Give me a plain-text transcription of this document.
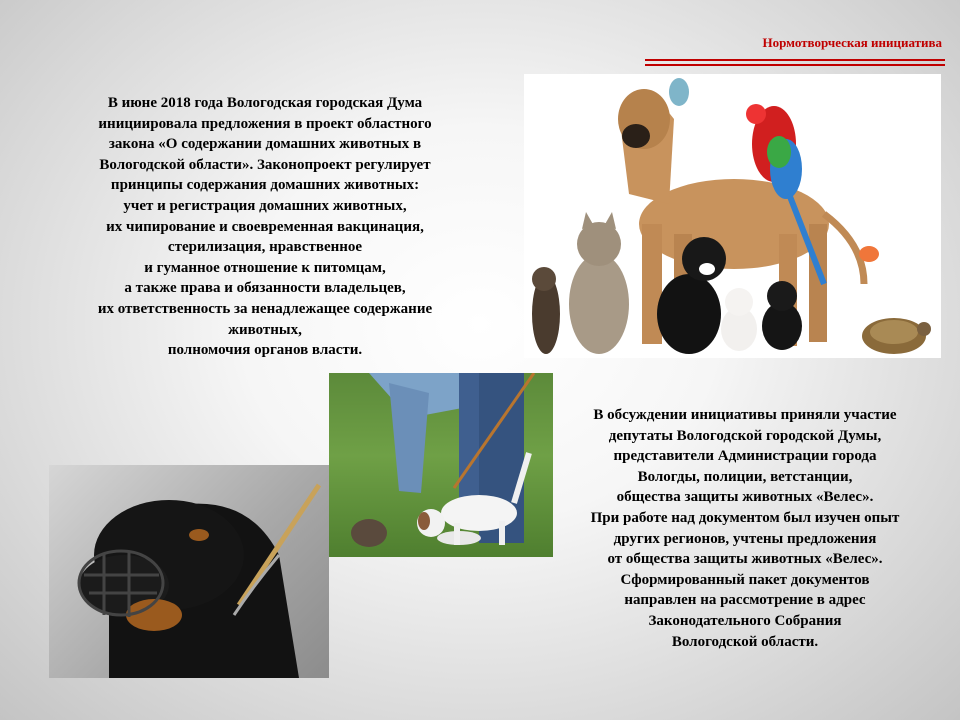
Нормотворческая инициатива
В июне 2018 года Вологодская городская Дума
инициировала предложения в проект областного
закона «О содержании домашних животных в
Вологодской области». Законопроект регулирует
принципы содержания домашних животных:
учет и регистрация домашних животных,
их чипирование и своевременная вакцинация,
стерилизация, нравственное
и гуманное отношение к питомцам,
а также права и обязанности владельцев,
их ответственность за ненадлежащее содержание
животных,
полномочия органов власти.
В обсуждении инициативы приняли участие
депутаты Вологодской городской Думы,
представители Администрации города
Вологды, полиции, ветстанции,
общества защиты животных «Велес».
При работе над документом был изучен опыт
других регионов, учтены предложения
от общества защиты животных «Велес».
Сформированный пакет документов
направлен на рассмотрение в адрес
Законодательного Собрания
Вологодской области.
